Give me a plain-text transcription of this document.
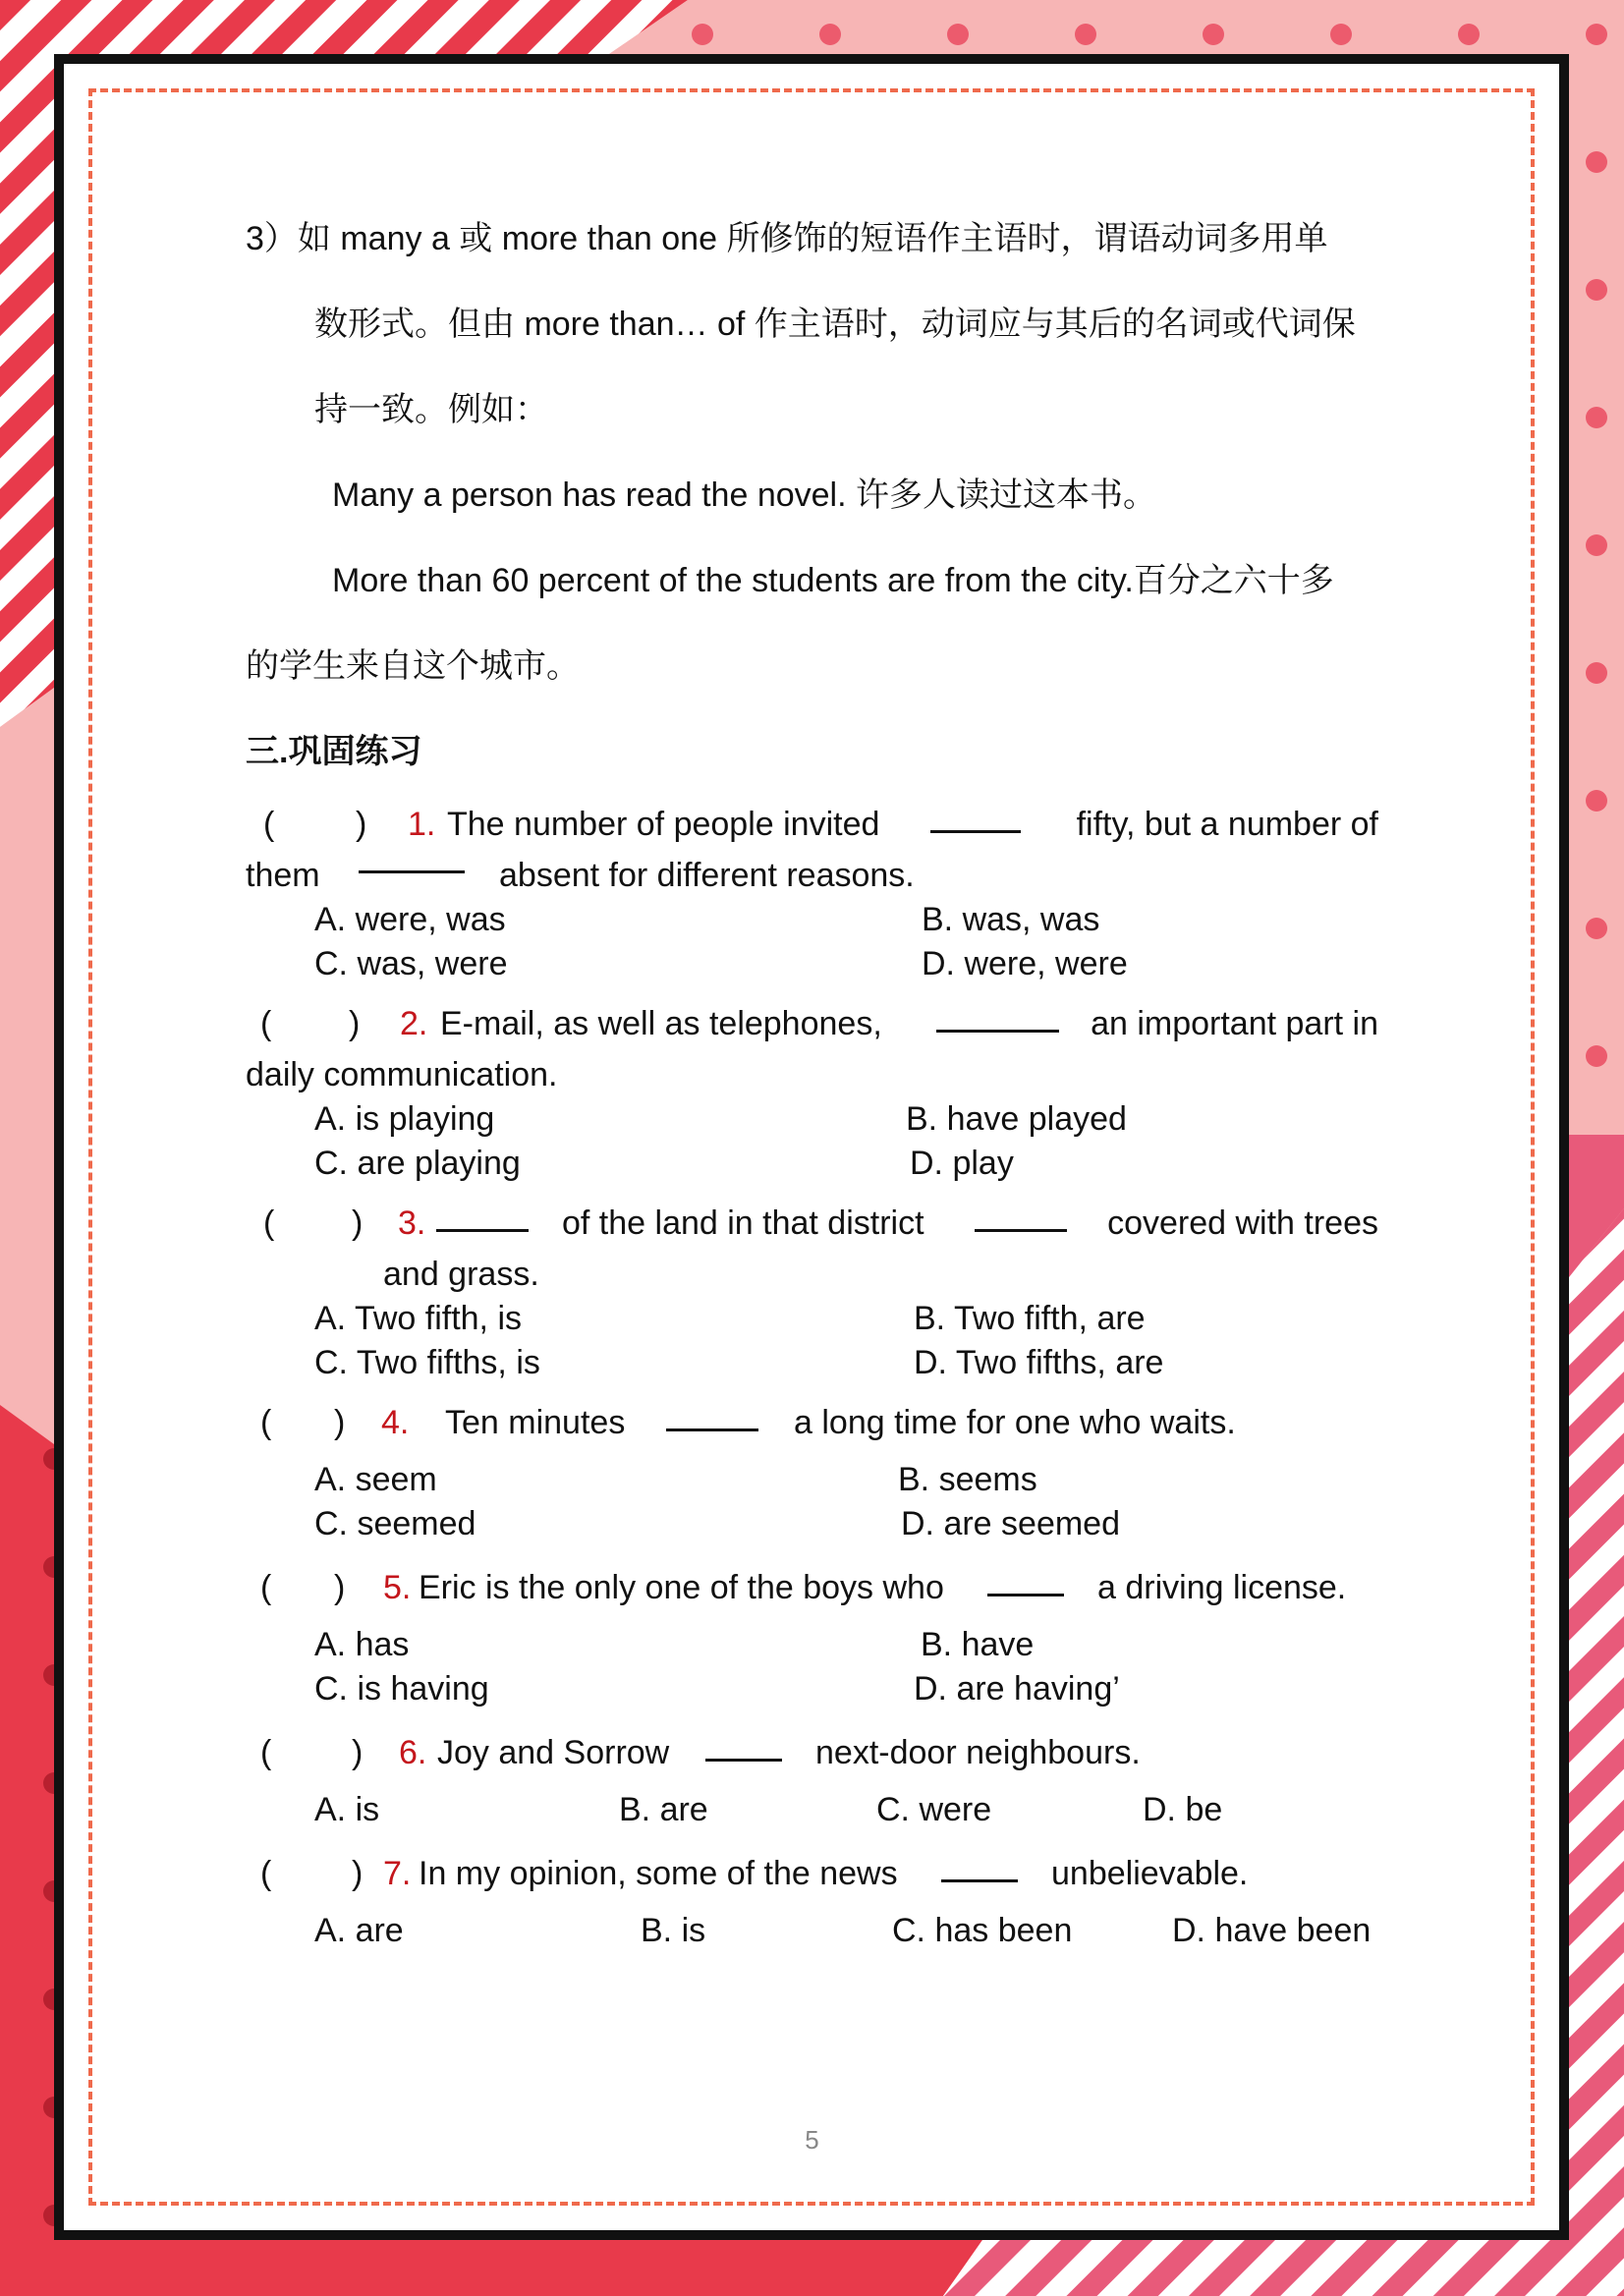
3）如 many a 或 more than one 所修饰的短语作主语时，谓语动词多用单
数形式。但由 more than… of 作主语时，动词应与其后的名词或代词保
持一致。例如：
Many a person has read the novel. 许多人读过这本书。
More than 60 percent of the students are from the city.百分之六十多
的学生来自这个城市。
三.巩固练习
( ) 1. The number of people invited	fifty, but a number of
them	absent for different reasons.
A. were, was	B. was, was
C. was, were	D. were, were
( ) 2. E-mail, as well as telephones,	an important part in
daily communication.
A. is playing	B. have played
C. are playing	D. play
( ) 3.	of the land in that district	covered with trees
and grass.
A. Two fifth, is	B. Two fifth, are
C. Two fifths, is	D. Two fifths, are
( ) 4. Ten minutes	a long time for one who waits.
A. seem	B. seems
C. seemed	D. are seemed
( ) 5. Eric is the only one of the boys who	a driving license.
A. has	B. have
C. is having	D. are having’
( ) 6. Joy and Sorrow	next-door neighbours.
A. is	B. are	C. were	D. be
( ) 7. In my opinion, some of the news	unbelievable.
A. are	B. is	C. has been	D. have been
5
